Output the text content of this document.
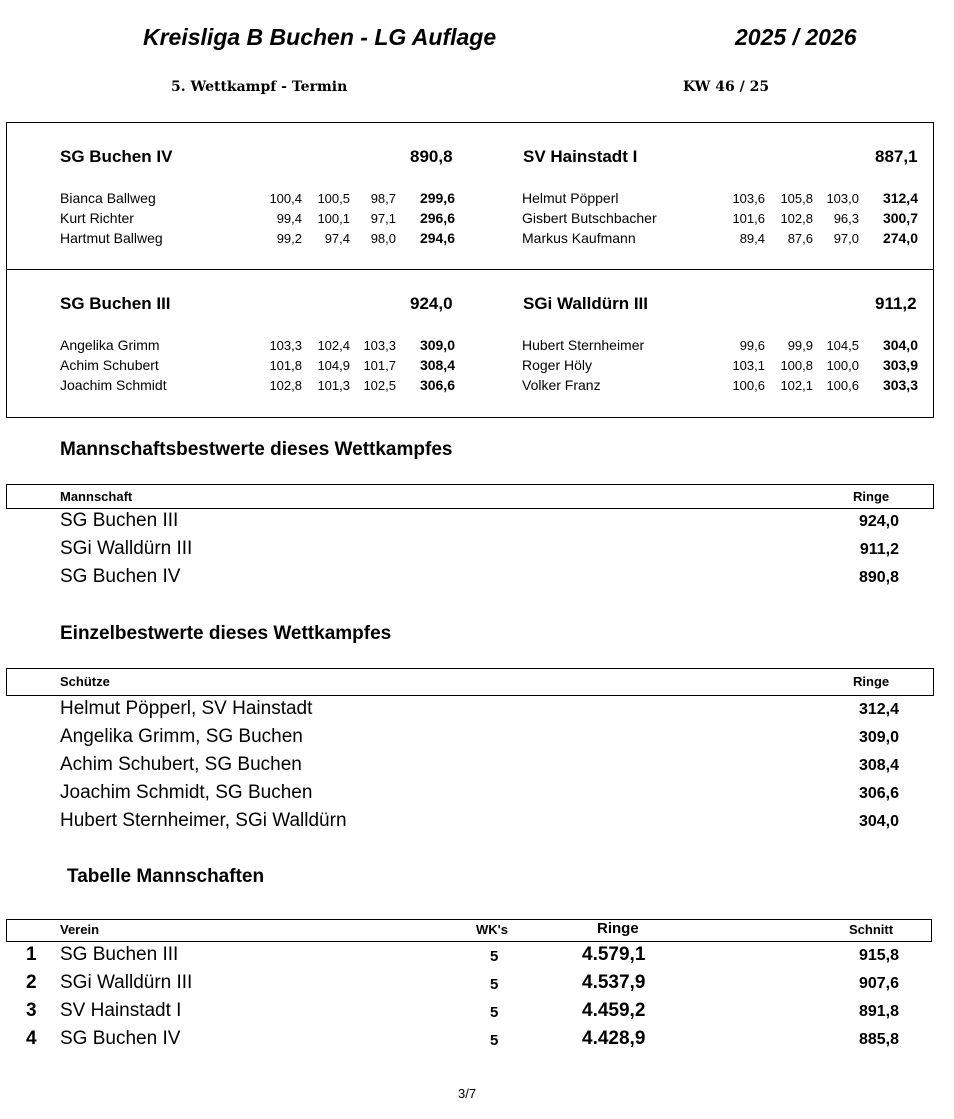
Kreisliga B Buchen - LG Auflage	2025 / 2026
5. Wettkampf - Termin	KW 46 / 25
SG Buchen IV	890,8
Bianca Ballweg	100,4	100,5	98,7	299,6
Kurt Richter	99,4	100,1	97,1	296,6
Hartmut Ballweg	99,2	97,4	98,0	294,6
SV Hainstadt I	887,1
Helmut Pöpperl	103,6	105,8	103,0	312,4
Gisbert Butschbacher	101,6	102,8	96,3	300,7
Markus Kaufmann	89,4	87,6	97,0	274,0
SG Buchen III	924,0
Angelika Grimm	103,3	102,4	103,3	309,0
Achim Schubert	101,8	104,9	101,7	308,4
Joachim Schmidt	102,8	101,3	102,5	306,6
SGi Walldürn III	911,2
Hubert Sternheimer	99,6	99,9	104,5	304,0
Roger Höly	103,1	100,8	100,0	303,9
Volker Franz	100,6	102,1	100,6	303,3
Mannschaftsbestwerte dieses Wettkampfes
Mannschaft	Ringe
SG Buchen III	924,0
SGi Walldürn III	911,2
SG Buchen IV	890,8
Einzelbestwerte dieses Wettkampfes
Schütze	Ringe
Helmut Pöpperl, SV Hainstadt	312,4
Angelika Grimm, SG Buchen	309,0
Achim Schubert, SG Buchen	308,4
Joachim Schmidt, SG Buchen	306,6
Hubert Sternheimer, SGi Walldürn	304,0
Tabelle Mannschaften
Verein	WK's	Ringe	Schnitt
1 SG Buchen III	5	4.579,1	915,8
2 SGi Walldürn III	5	4.537,9	907,6
3 SV Hainstadt I	5	4.459,2	891,8
4 SG Buchen IV	5	4.428,9	885,8
3/7
